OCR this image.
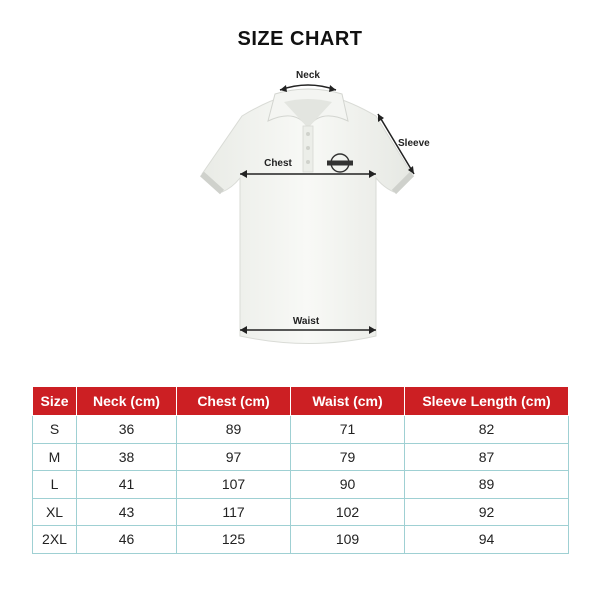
SIZE CHART
Neck
Sleeve
Chest
Waist
Size	Neck (cm)	Chest (cm)	Waist (cm)	Sleeve Length (cm)
S	36	89	71	82
M	38	97	79	87
L	41	107	90	89
XL	43	117	102	92
2XL	46	125	109	94
